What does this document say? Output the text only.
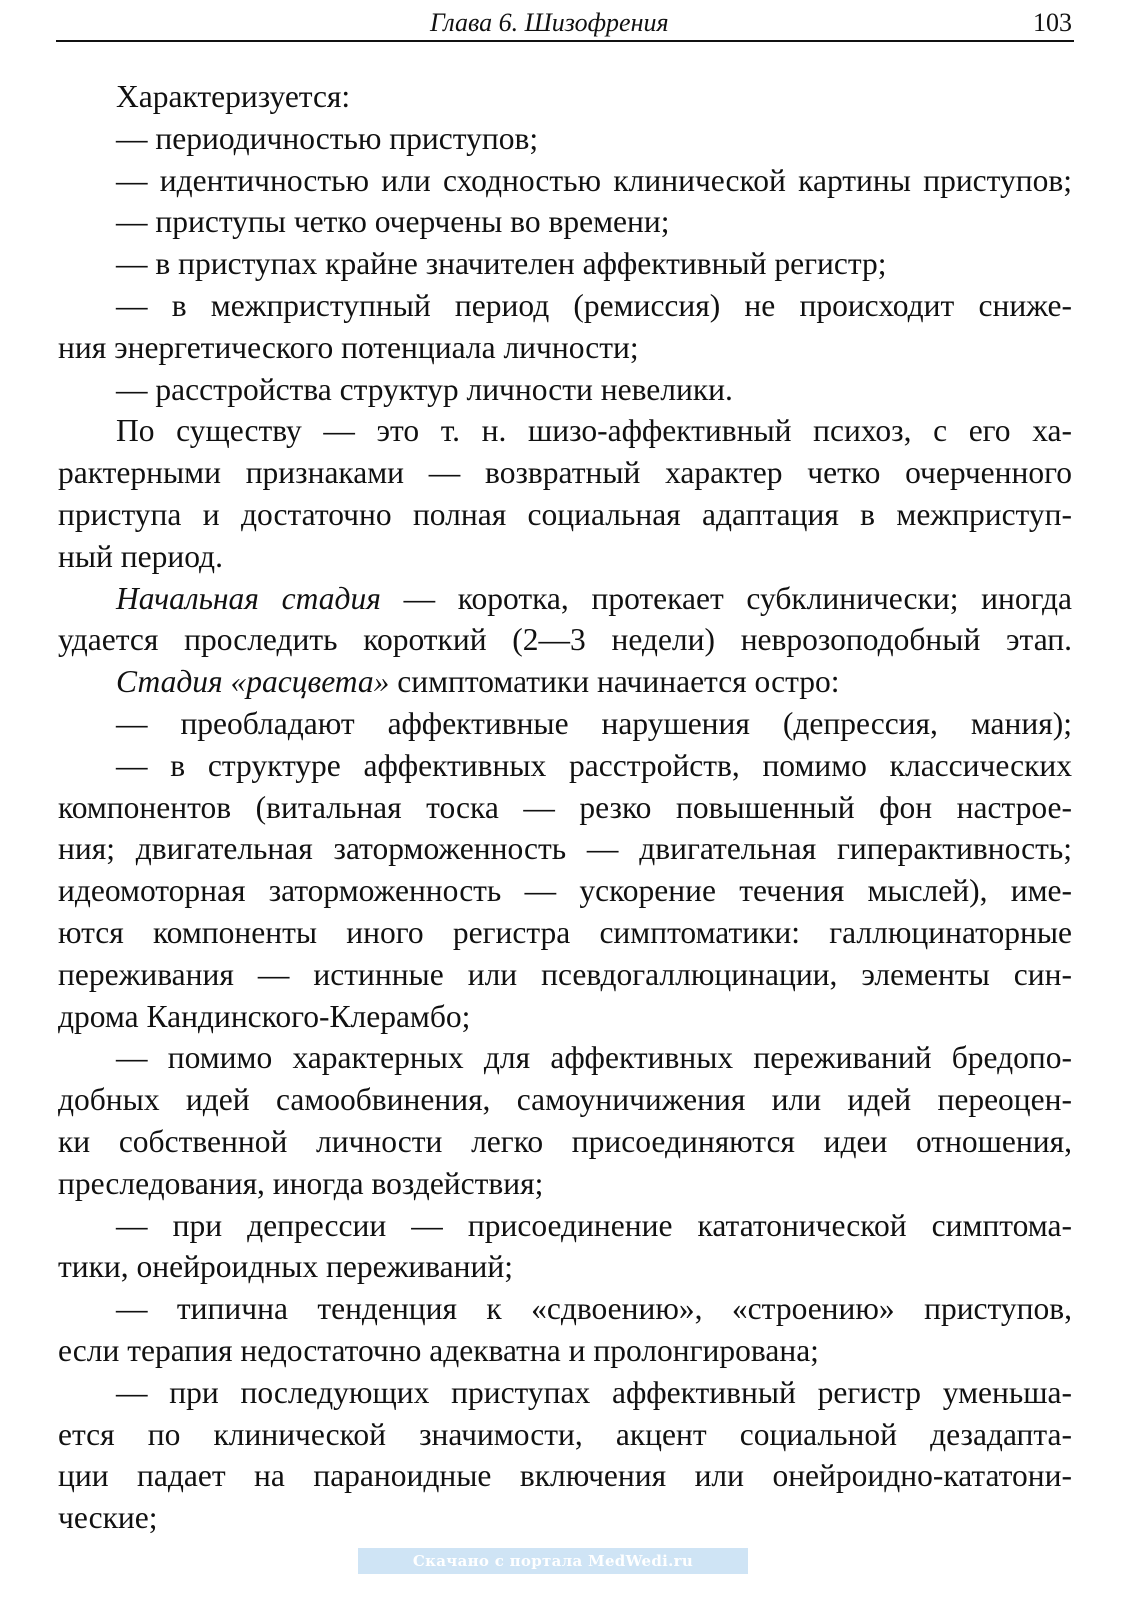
Глава 6. Шизофрения	103
Характеризуется:
— периодичностью приступов;
— идентичностью или сходностью клинической картины приступов;
— приступы четко очерчены во времени;
— в приступах крайне значителен аффективный регистр;
— в межприступный период (ремиссия) не происходит сниже-
ния энергетического потенциала личности;
— расстройства структур личности невелики.
По существу — это т. н. шизо-аффективный психоз, с его ха-
рактерными признаками — возвратный характер четко очерченного
приступа и достаточно полная социальная адаптация в межприступ-
ный период.
Начальная стадия — коротка, протекает субклинически; иногда
удается проследить короткий (2—3 недели) неврозоподобный этап.
Стадия «расцвета» симптоматики начинается остро:
— преобладают аффективные нарушения (депрессия, мания);
— в структуре аффективных расстройств, помимо классических
компонентов (витальная тоска — резко повышенный фон настрое-
ния; двигательная заторможенность — двигательная гиперактивность;
идеомоторная заторможенность — ускорение течения мыслей), име-
ются компоненты иного регистра симптоматики: галлюцинаторные
переживания — истинные или псевдогаллюцинации, элементы син-
дрома Кандинского-Клерамбо;
— помимо характерных для аффективных переживаний бредопо-
добных идей самообвинения, самоуничижения или идей переоцен-
ки собственной личности легко присоединяются идеи отношения,
преследования, иногда воздействия;
— при депрессии — присоединение кататонической симптома-
тики, онейроидных переживаний;
— типична тенденция к «сдвоению», «строению» приступов,
если терапия недостаточно адекватна и пролонгирована;
— при последующих приступах аффективный регистр уменьша-
ется по клинической значимости, акцент социальной дезадапта-
ции падает на параноидные включения или онейроидно-кататони-
ческие;
Скачано с портала MedWedi.ru
